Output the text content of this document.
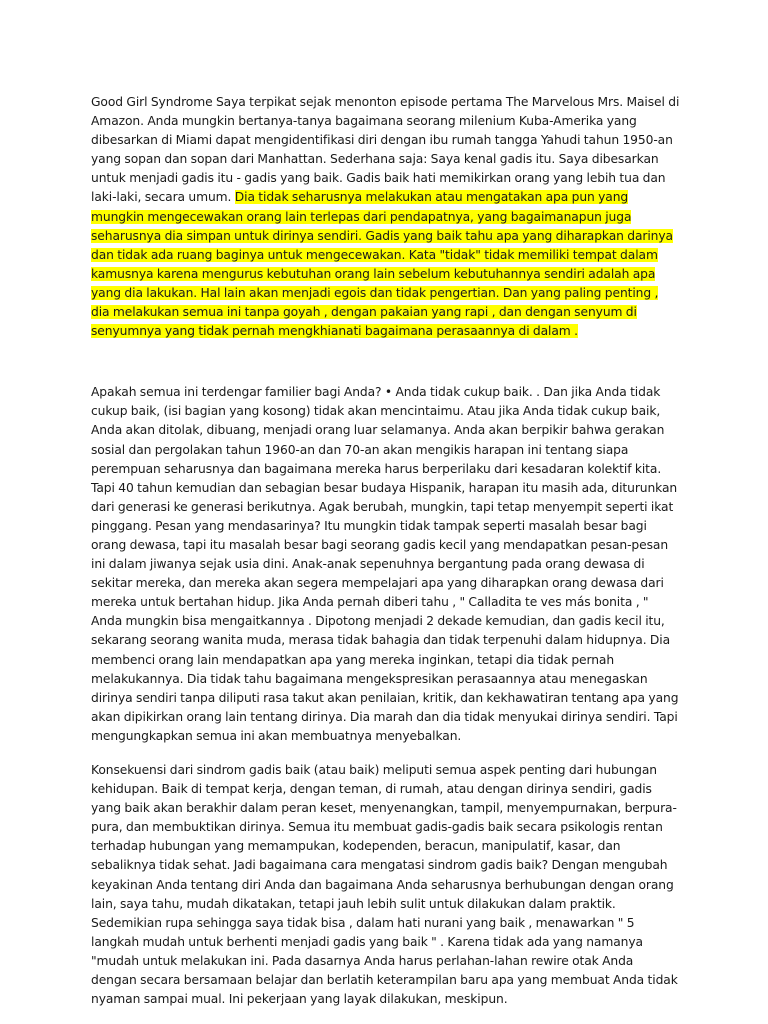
Good Girl Syndrome Saya terpikat sejak menonton episode pertama The Marvelous Mrs. Maisel di Amazon. Anda mungkin bertanya-tanya bagaimana seorang milenium Kuba-Amerika yang dibesarkan di Miami dapat mengidentifikasi diri dengan ibu rumah tangga Yahudi tahun 1950-an yang sopan dan sopan dari Manhattan. Sederhana saja: Saya kenal gadis itu. Saya dibesarkan untuk menjadi gadis itu - gadis yang baik. Gadis baik hati memikirkan orang yang lebih tua dan laki-laki, secara umum. Dia tidak seharusnya melakukan atau mengatakan apa pun yang mungkin mengecewakan orang lain terlepas dari pendapatnya, yang bagaimanapun juga seharusnya dia simpan untuk dirinya sendiri. Gadis yang baik tahu apa yang diharapkan darinya dan tidak ada ruang baginya untuk mengecewakan. Kata "tidak" tidak memiliki tempat dalam kamusnya karena mengurus kebutuhan orang lain sebelum kebutuhannya sendiri adalah apa yang dia lakukan. Hal lain akan menjadi egois dan tidak pengertian. Dan yang paling penting , dia melakukan semua ini tanpa goyah , dengan pakaian yang rapi , dan dengan senyum di senyumnya yang tidak pernah mengkhianati bagaimana perasaannya di dalam .

Apakah semua ini terdengar familier bagi Anda? • Anda tidak cukup baik. . Dan jika Anda tidak cukup baik, (isi bagian yang kosong) tidak akan mencintaimu. Atau jika Anda tidak cukup baik, Anda akan ditolak, dibuang, menjadi orang luar selamanya. Anda akan berpikir bahwa gerakan sosial dan pergolakan tahun 1960-an dan 70-an akan mengikis harapan ini tentang siapa perempuan seharusnya dan bagaimana mereka harus berperilaku dari kesadaran kolektif kita. Tapi 40 tahun kemudian dan sebagian besar budaya Hispanik, harapan itu masih ada, diturunkan dari generasi ke generasi berikutnya. Agak berubah, mungkin, tapi tetap menyempit seperti ikat pinggang. Pesan yang mendasarinya? Itu mungkin tidak tampak seperti masalah besar bagi orang dewasa, tapi itu masalah besar bagi seorang gadis kecil yang mendapatkan pesan-pesan ini dalam jiwanya sejak usia dini. Anak-anak sepenuhnya bergantung pada orang dewasa di sekitar mereka, dan mereka akan segera mempelajari apa yang diharapkan orang dewasa dari mereka untuk bertahan hidup. Jika Anda pernah diberi tahu , " Calladita te ves más bonita , " Anda mungkin bisa mengaitkannya . Dipotong menjadi 2 dekade kemudian, dan gadis kecil itu, sekarang seorang wanita muda, merasa tidak bahagia dan tidak terpenuhi dalam hidupnya. Dia membenci orang lain mendapatkan apa yang mereka inginkan, tetapi dia tidak pernah melakukannya. Dia tidak tahu bagaimana mengekspresikan perasaannya atau menegaskan dirinya sendiri tanpa diliputi rasa takut akan penilaian, kritik, dan kekhawatiran tentang apa yang akan dipikirkan orang lain tentang dirinya. Dia marah dan dia tidak menyukai dirinya sendiri. Tapi mengungkapkan semua ini akan membuatnya menyebalkan.

Konsekuensi dari sindrom gadis baik (atau baik) meliputi semua aspek penting dari hubungan kehidupan. Baik di tempat kerja, dengan teman, di rumah, atau dengan dirinya sendiri, gadis yang baik akan berakhir dalam peran keset, menyenangkan, tampil, menyempurnakan, berpura-pura, dan membuktikan dirinya. Semua itu membuat gadis-gadis baik secara psikologis rentan terhadap hubungan yang memampukan, kodependen, beracun, manipulatif, kasar, dan sebaliknya tidak sehat. Jadi bagaimana cara mengatasi sindrom gadis baik? Dengan mengubah keyakinan Anda tentang diri Anda dan bagaimana Anda seharusnya berhubungan dengan orang lain, saya tahu, mudah dikatakan, tetapi jauh lebih sulit untuk dilakukan dalam praktik. Sedemikian rupa sehingga saya tidak bisa , dalam hati nurani yang baik , menawarkan " 5 langkah mudah untuk berhenti menjadi gadis yang baik " . Karena tidak ada yang namanya "mudah untuk melakukan ini. Pada dasarnya Anda harus perlahan-lahan rewire otak Anda dengan secara bersamaan belajar dan berlatih keterampilan baru apa yang membuat Anda tidak nyaman sampai mual. Ini pekerjaan yang layak dilakukan, meskipun.
